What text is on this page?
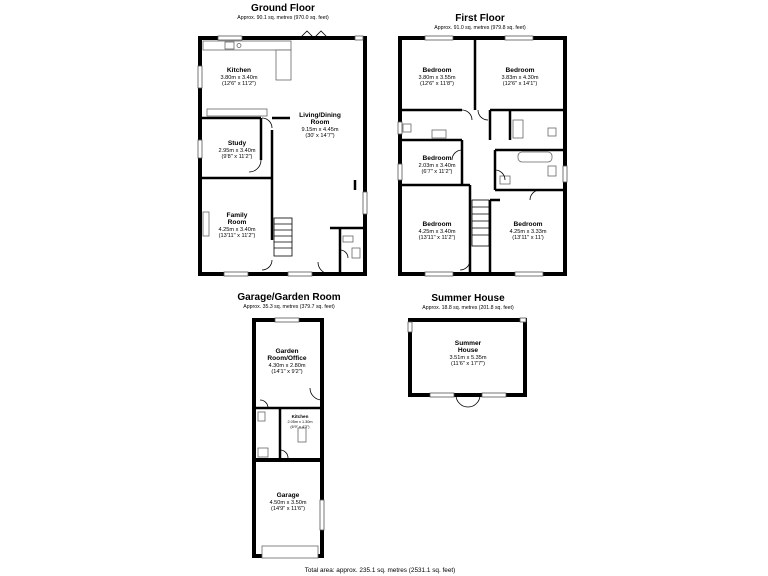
Ground Floor
Approx. 90.1 sq. metres (970.0 sq. feet)
Kitchen
3.80m x 3.40m
(12'6" x 11'2")
Living/Dining
Room
9.15m x 4.45m
(30' x 14'7")
Study
2.95m x 3.40m
(9'8" x 11'2")
Family
Room
4.25m x 3.40m
(13'11" x 11'2")
First Floor
Approx. 91.0 sq. metres (979.8 sq. feet)
Bedroom
3.80m x 3.55m
(12'6" x 11'8")
Bedroom
3.83m x 4.30m
(12'6" x 14'1")
Bedroom
2.03m x 3.40m
(6'7" x 11'2")
Bedroom
4.25m x 3.40m
(13'11" x 11'2")
Bedroom
4.25m x 3.33m
(13'11" x 11')
Garage/Garden Room
Approx. 35.3 sq. metres (379.7 sq. feet)
Garden
Room/Office
4.30m x 2.80m
(14'1" x 9'2")
Kitchen
2.05m x 1.30m
(6'9" x 4'3")
Garage
4.50m x 3.50m
(14'9" x 11'6")
Summer House
Approx. 18.8 sq. metres (201.8 sq. feet)
Summer
House
3.51m x 5.35m
(11'6" x 17'7")
Total area: approx. 235.1 sq. metres (2531.1 sq. feet)
